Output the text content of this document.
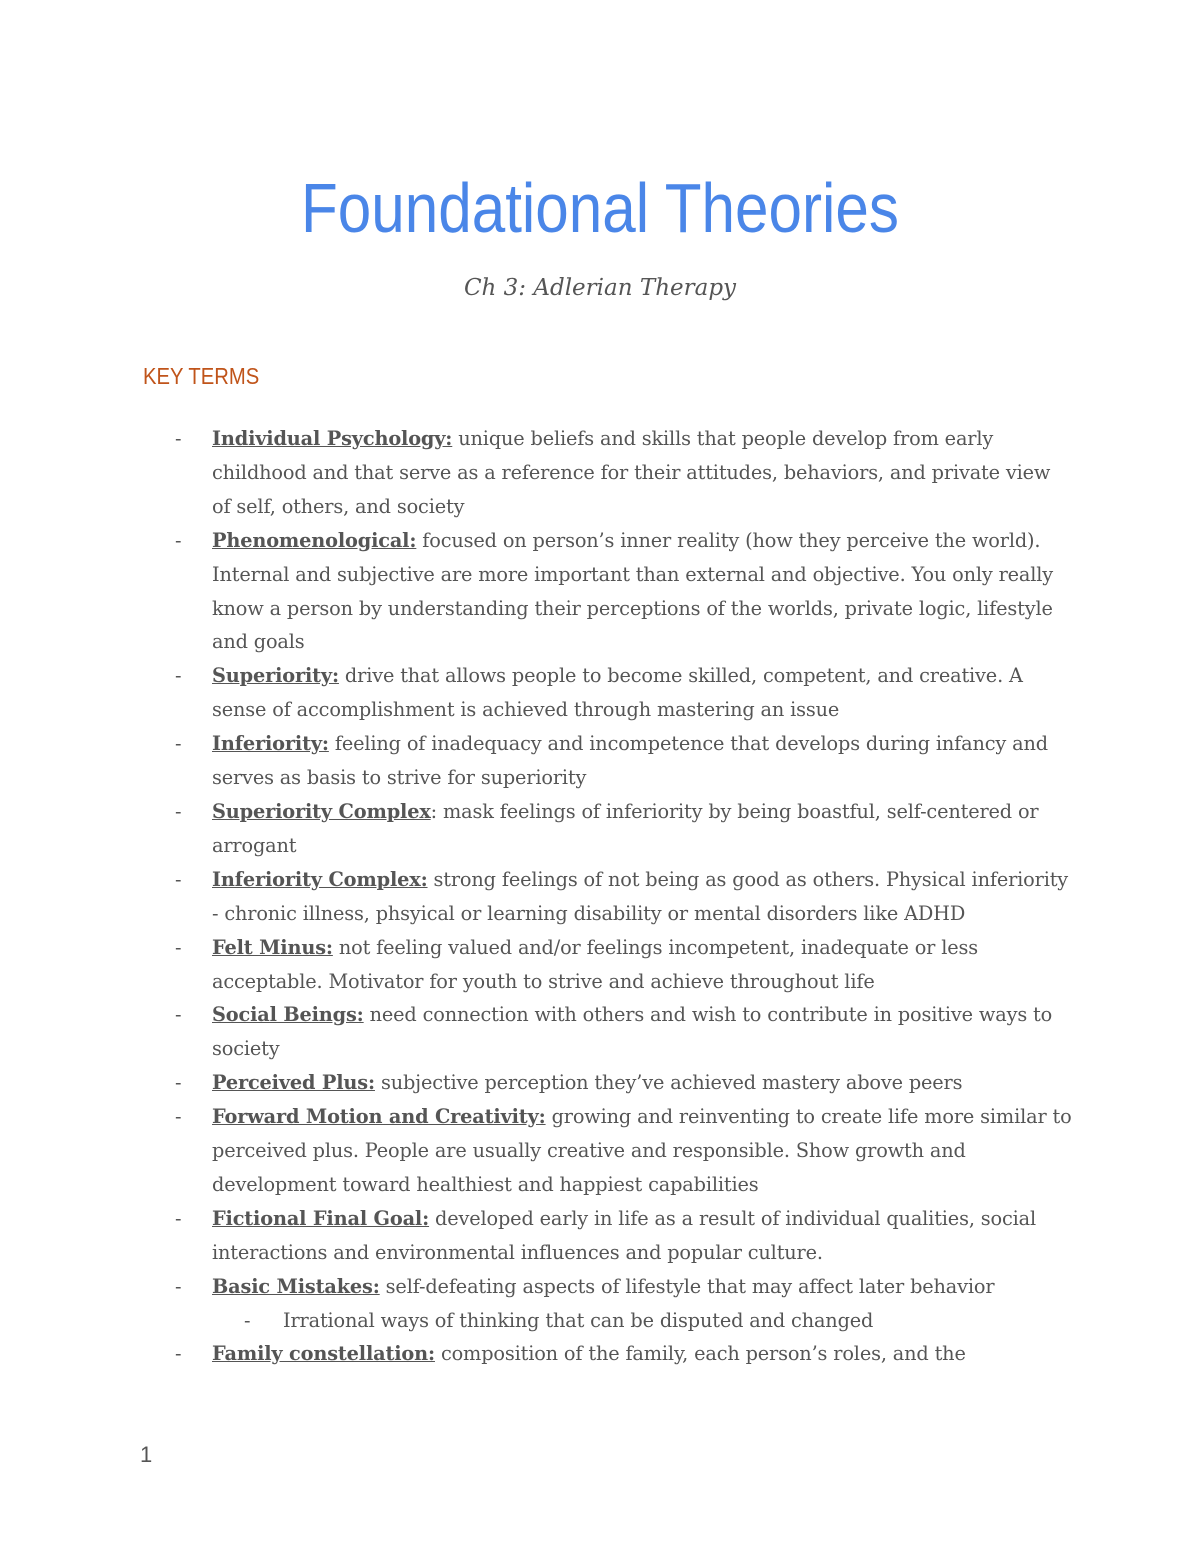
Foundational Theories
Ch 3: Adlerian Therapy
KEY TERMS
- Individual Psychology: unique beliefs and skills that people develop from early childhood and that serve as a reference for their attitudes, behaviors, and private view of self, others, and society
- Phenomenological: focused on person’s inner reality (how they perceive the world). Internal and subjective are more important than external and objective. You only really know a person by understanding their perceptions of the worlds, private logic, lifestyle and goals
- Superiority: drive that allows people to become skilled, competent, and creative. A sense of accomplishment is achieved through mastering an issue
- Inferiority: feeling of inadequacy and incompetence that develops during infancy and serves as basis to strive for superiority
- Superiority Complex: mask feelings of inferiority by being boastful, self-centered or arrogant
- Inferiority Complex: strong feelings of not being as good as others. Physical inferiority - chronic illness, phsyical or learning disability or mental disorders like ADHD
- Felt Minus: not feeling valued and/or feelings incompetent, inadequate or less acceptable. Motivator for youth to strive and achieve throughout life
- Social Beings: need connection with others and wish to contribute in positive ways to society
- Perceived Plus: subjective perception they’ve achieved mastery above peers
- Forward Motion and Creativity: growing and reinventing to create life more similar to perceived plus. People are usually creative and responsible. Show growth and development toward healthiest and happiest capabilities
- Fictional Final Goal: developed early in life as a result of individual qualities, social interactions and environmental influences and popular culture.
- Basic Mistakes: self-defeating aspects of lifestyle that may affect later behavior
- Irrational ways of thinking that can be disputed and changed
- Family constellation: composition of the family, each person’s roles, and the
1
